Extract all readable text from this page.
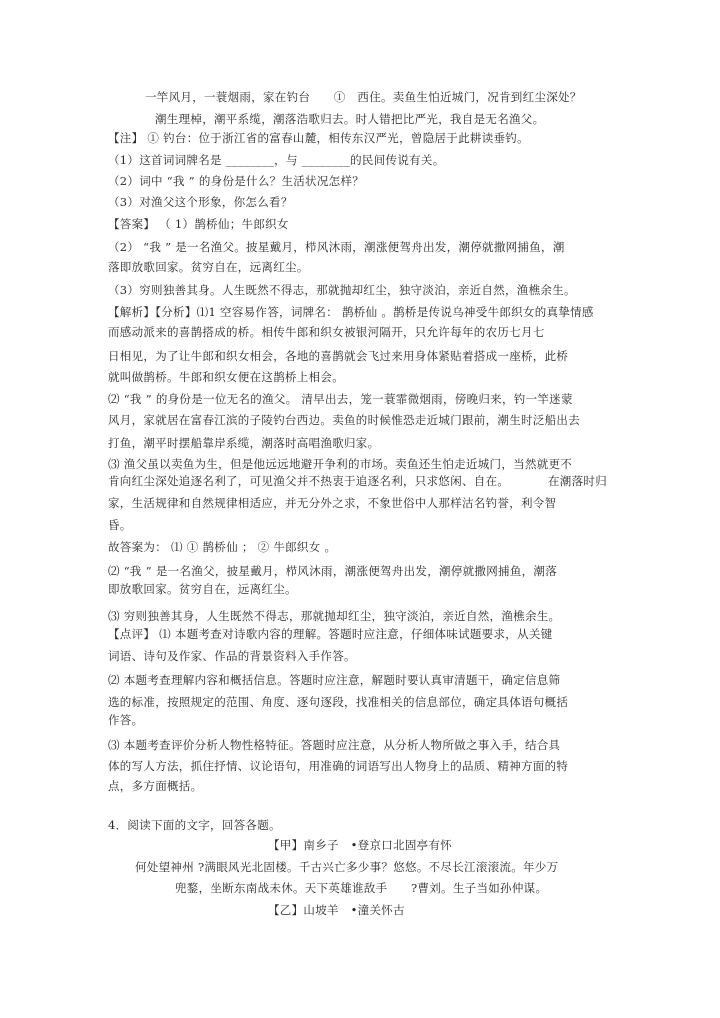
一竿风月，一蓑烟雨，家在钓台　　①　西住。卖鱼生怕近城门，况肯到红尘深处？
潮生理棹，潮平系缆，潮落浩歌归去。时人错把比严光，我自是无名渔父。
【注】 ① 钓台：位于浙江省的富春山麓，相传东汉严光，曾隐居于此耕读垂钓。
（1）这首词词牌名是 ________，与 ________的民间传说有关。
（2）词中 “我 ” 的身份是什么？生活状况怎样？
（3）对渔父这个形象，你怎么看？
【答案】 （ 1）鹊桥仙；牛郎织女
（2） “我 ” 是一名渔父。披星戴月，栉风沐雨，潮涨便驾舟出发，潮停就撒网捕鱼，潮
落即放歌回家。贫穷自在，远离红尘。
（3）穷则独善其身。人生既然不得志，那就抛却红尘，独守淡泊，亲近自然，渔樵余生。
【解析】【分析】⑴1 空容易作答，词牌名： 鹊桥仙 。鹊桥是传说乌神受牛郎织女的真挚情感
而感动派来的喜鹊搭成的桥。相传牛郎和织女被银河隔开，只允许每年的农历七月七
日相见，为了让牛郎和织女相会，各地的喜鹊就会飞过来用身体紧贴着搭成一座桥，此桥
就叫做鹊桥。牛郎和织女便在这鹊桥上相会。
⑵ “我 ” 的身份是一位无名的渔父。 清早出去，笼一蓑霏微烟雨，傍晚归来，钓一竿迷蒙
风月，家就居在富春江滨的子陵钓台西边。卖鱼的时候惟恐走近城门跟前，潮生时泛船出去
打鱼，潮平时摆船靠岸系缆，潮落时高唱渔歌归家。
⑶ 渔父虽以卖鱼为生，但是他远远地避开争利的市场。卖鱼还生怕走近城门，当然就更不
肯向红尘深处追逐名利了，可见渔父并不热衷于追逐名利，只求悠闲、自在。	在潮落时归
家，生活规律和自然规律相适应，并无分外之求，不象世俗中人那样沽名钓誉，利令智
昏。
故答案为： ⑴ ① 鹊桥仙 ； ② 牛郎织女 。
⑵ “我 ” 是一名渔父，披星戴月，栉风沐雨，潮涨便驾舟出发，潮停就撒网捕鱼，潮落
即放歌回家。贫穷自在，远离红尘。
⑶ 穷则独善其身，人生既然不得志，那就抛却红尘，独守淡泊，亲近自然，渔樵余生。
【点评】 ⑴ 本题考查对诗歌内容的理解。答题时应注意，仔细体味试题要求，从关键
词语、诗句及作家、作品的背景资料入手作答。
⑵ 本题考查理解内容和概括信息。答题时应注意，解题时要认真审清题干，确定信息筛
选的标准，按照规定的范围、角度、逐句逐段，找准相关的信息部位，确定具体语句概括
作答。
⑶ 本题考查评价分析人物性格特征。答题时应注意，从分析人物所做之事入手，结合具
体的写人方法，抓住抒情、议论语句，用准确的词语写出人物身上的品质、精神方面的特
点，多方面概括。
4．阅读下面的文字，回答各题。
【甲】南乡子　•登京口北固亭有怀
何处望神州 ?满眼风光北固楼。千古兴亡多少事？悠悠。不尽长江滚滚流。年少万
兜鍪，坐断东南战未休。天下英雄谁敌手　　?曹刘。生子当如孙仲谋。
【乙】山坡羊　•潼关怀古
